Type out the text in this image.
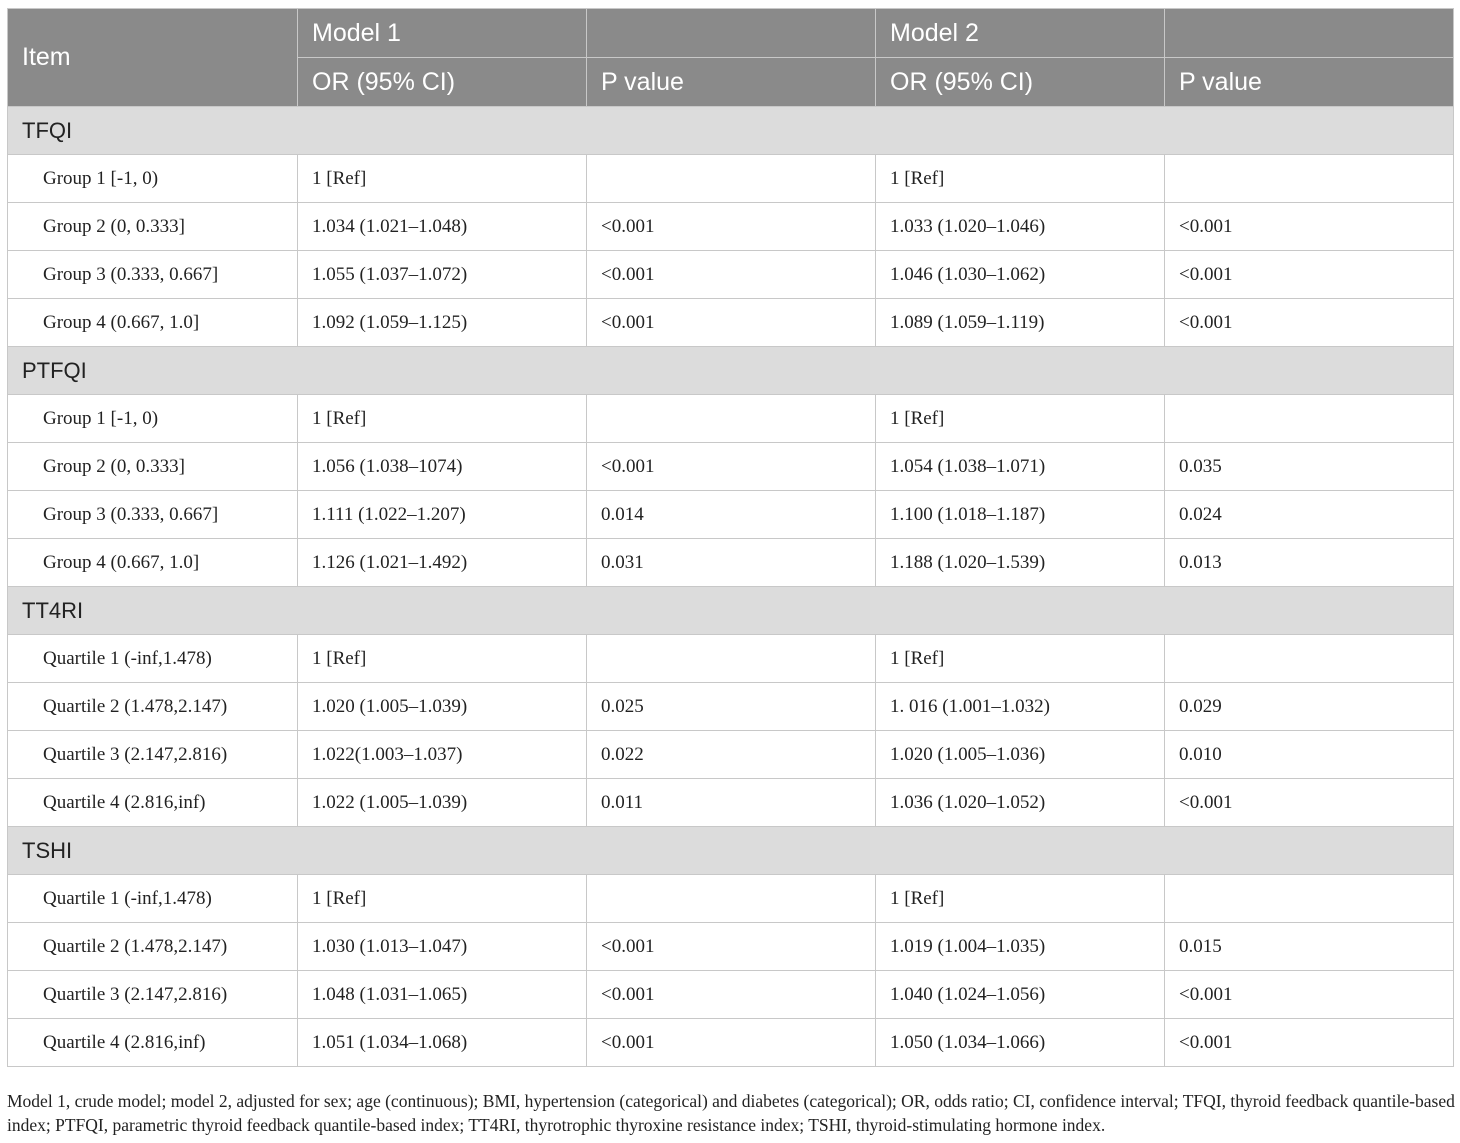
Item	Model 1		Model 2	
	OR (95% CI)	P value	OR (95% CI)	P value
TFQI				
Group 1 [-1, 0)	1 [Ref]		1 [Ref]	
Group 2 (0, 0.333]	1.034 (1.021–1.048)	<0.001	1.033 (1.020–1.046)	<0.001
Group 3 (0.333, 0.667]	1.055 (1.037–1.072)	<0.001	1.046 (1.030–1.062)	<0.001
Group 4 (0.667, 1.0]	1.092 (1.059–1.125)	<0.001	1.089 (1.059–1.119)	<0.001
PTFQI				
Group 1 [-1, 0)	1 [Ref]		1 [Ref]	
Group 2 (0, 0.333]	1.056 (1.038–1074)	<0.001	1.054 (1.038–1.071)	0.035
Group 3 (0.333, 0.667]	1.111 (1.022–1.207)	0.014	1.100 (1.018–1.187)	0.024
Group 4 (0.667, 1.0]	1.126 (1.021–1.492)	0.031	1.188 (1.020–1.539)	0.013
TT4RI				
Quartile 1 (-inf,1.478)	1 [Ref]		1 [Ref]	
Quartile 2 (1.478,2.147)	1.020 (1.005–1.039)	0.025	1. 016 (1.001–1.032)	0.029
Quartile 3 (2.147,2.816)	1.022(1.003–1.037)	0.022	1.020 (1.005–1.036)	0.010
Quartile 4 (2.816,inf)	1.022 (1.005–1.039)	0.011	1.036 (1.020–1.052)	<0.001
TSHI				
Quartile 1 (-inf,1.478)	1 [Ref]		1 [Ref]	
Quartile 2 (1.478,2.147)	1.030 (1.013–1.047)	<0.001	1.019 (1.004–1.035)	0.015
Quartile 3 (2.147,2.816)	1.048 (1.031–1.065)	<0.001	1.040 (1.024–1.056)	<0.001
Quartile 4 (2.816,inf)	1.051 (1.034–1.068)	<0.001	1.050 (1.034–1.066)	<0.001
Model 1, crude model; model 2, adjusted for sex; age (continuous); BMI, hypertension (categorical) and diabetes (categorical); OR, odds ratio; CI, confidence interval; TFQI, thyroid feedback quantile-based index; PTFQI, parametric thyroid feedback quantile-based index; TT4RI, thyrotrophic thyroxine resistance index; TSHI, thyroid-stimulating hormone index.
